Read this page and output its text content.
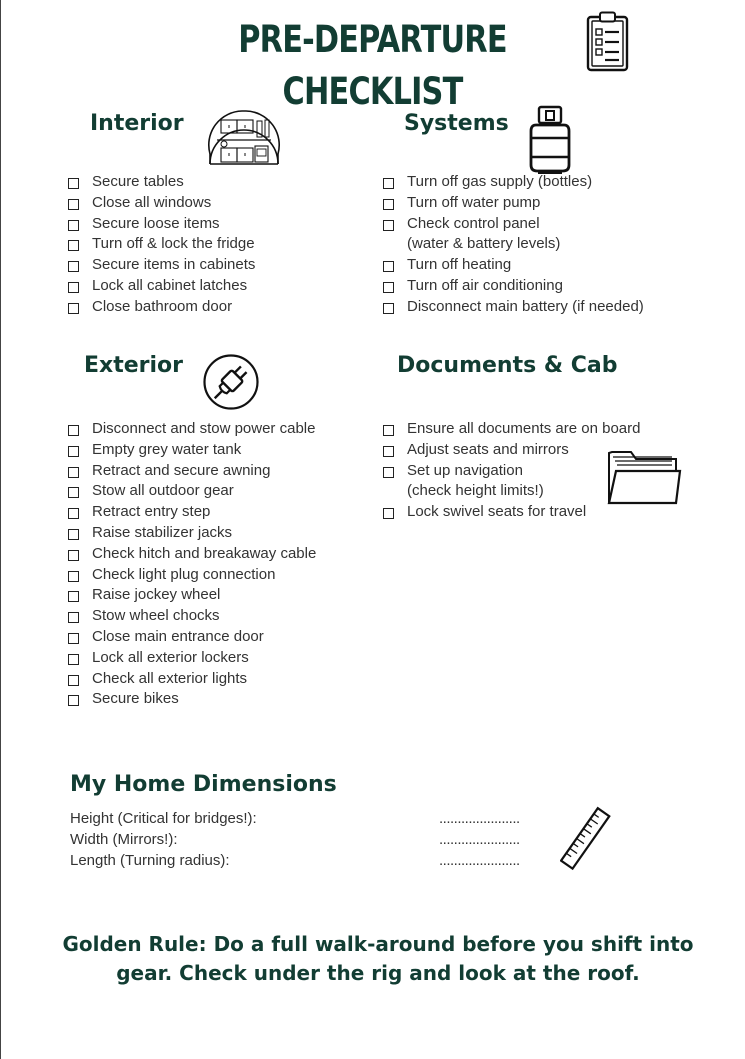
PRE-DEPARTURE CHECKLIST
Interior
Secure tables
Close all windows
Secure loose items
Turn off & lock the fridge
Secure items in cabinets
Lock all cabinet latches
Close bathroom door
Systems
Turn off gas supply (bottles)
Turn off water pump
Check control panel
(water & battery levels)
Turn off heating
Turn off air conditioning
Disconnect main battery (if needed)
Exterior
Disconnect and stow power cable
Empty grey water tank
Retract and secure awning
Stow all outdoor gear
Retract entry step
Raise stabilizer jacks
Check hitch and breakaway cable
Check light plug connection
Raise jockey wheel
Stow wheel chocks
Close main entrance door
Lock all exterior lockers
Check all exterior lights
Secure bikes
Documents & Cab
Ensure all documents are on board
Adjust seats and mirrors
Set up navigation
(check height limits!)
Lock swivel seats for travel
My Home Dimensions
Height (Critical for bridges!):	......................
Width (Mirrors!):	......................
Length (Turning radius):	......................
Golden Rule: Do a full walk-around before you shift into gear. Check under the rig and look at the roof.
